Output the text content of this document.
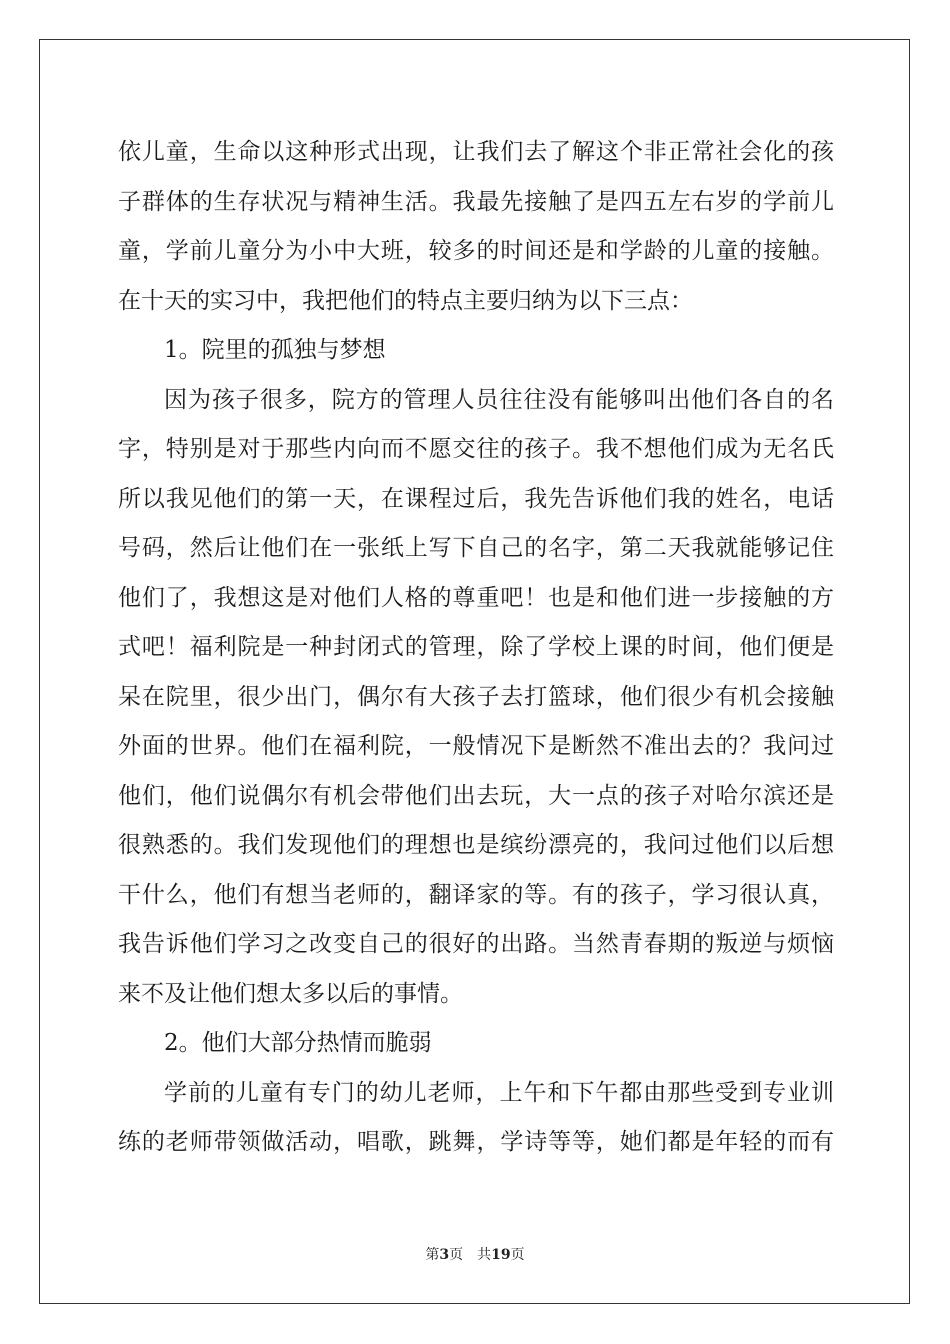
依儿童，生命以这种形式出现，让我们去了解这个非正常社会化的孩
子群体的生存状况与精神生活。我最先接触了是四五左右岁的学前儿
童，学前儿童分为小中大班，较多的时间还是和学龄的儿童的接触。
在十天的实习中，我把他们的特点主要归纳为以下三点：
1。院里的孤独与梦想
因为孩子很多，院方的管理人员往往没有能够叫出他们各自的名
字，特别是对于那些内向而不愿交往的孩子。我不想他们成为无名氏
所以我见他们的第一天，在课程过后，我先告诉他们我的姓名，电话
号码，然后让他们在一张纸上写下自己的名字，第二天我就能够记住
他们了，我想这是对他们人格的尊重吧！也是和他们进一步接触的方
式吧！福利院是一种封闭式的管理，除了学校上课的时间，他们便是
呆在院里，很少出门，偶尔有大孩子去打篮球，他们很少有机会接触
外面的世界。他们在福利院，一般情况下是断然不准出去的？我问过
他们，他们说偶尔有机会带他们出去玩，大一点的孩子对哈尔滨还是
很熟悉的。我们发现他们的理想也是缤纷漂亮的，我问过他们以后想
干什么，他们有想当老师的，翻译家的等。有的孩子，学习很认真，
我告诉他们学习之改变自己的很好的出路。当然青春期的叛逆与烦恼
来不及让他们想太多以后的事情。
2。他们大部分热情而脆弱
学前的儿童有专门的幼儿老师，上午和下午都由那些受到专业训
练的老师带领做活动，唱歌，跳舞，学诗等等，她们都是年轻的而有
第3页 共19页
